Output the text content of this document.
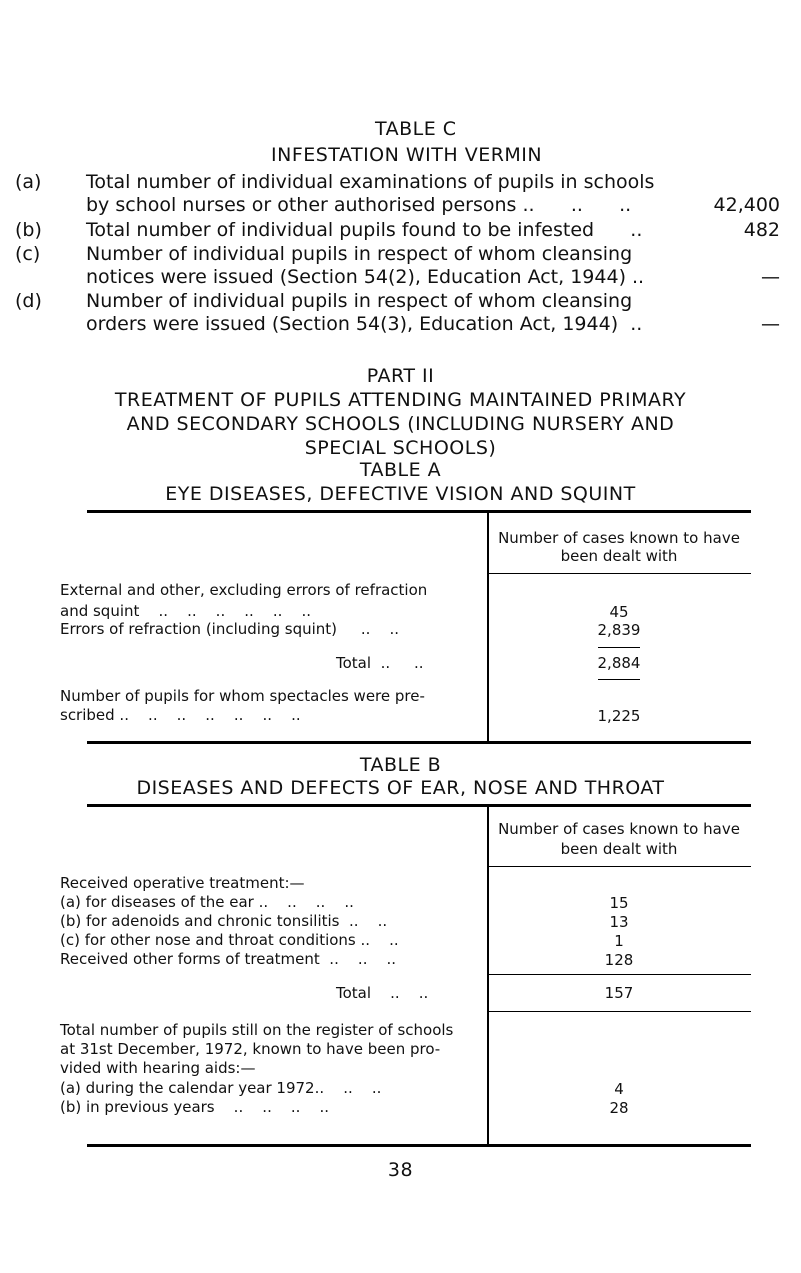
TABLE C
INFESTATION WITH VERMIN
(a) Total number of individual examinations of pupils in schools
by school nurses or other authorised persons ..      ..      ..	42,400
(b) Total number of individual pupils found to be infested      ..	482
(c) Number of individual pupils in respect of whom cleansing
notices were issued (Section 54(2), Education Act, 1944) ..	—
(d) Number of individual pupils in respect of whom cleansing
orders were issued (Section 54(3), Education Act, 1944)  ..	—
PART II
TREATMENT OF PUPILS ATTENDING MAINTAINED PRIMARY
AND SECONDARY SCHOOLS (INCLUDING NURSERY AND
SPECIAL SCHOOLS)
TABLE A
EYE DISEASES, DEFECTIVE VISION AND SQUINT
Number of cases known to have
been dealt with
External and other, excluding errors of refraction
and squint    ..    ..    ..    ..    ..    ..	45
Errors of refraction (including squint)     ..    ..	2,839
Total  ..     ..	2,884
Number of pupils for whom spectacles were pre-
scribed ..    ..    ..    ..    ..    ..    ..	1,225
TABLE B
DISEASES AND DEFECTS OF EAR, NOSE AND THROAT
Number of cases known to have
been dealt with
Received operative treatment:—
(a) for diseases of the ear ..    ..    ..    ..	15
(b) for adenoids and chronic tonsilitis  ..    ..	13
(c) for other nose and throat conditions ..    ..	1
Received other forms of treatment  ..    ..    ..	128
Total    ..    ..	157
Total number of pupils still on the register of schools
at 31st December, 1972, known to have been pro-
vided with hearing aids:—
(a) during the calendar year 1972..    ..    ..	4
(b) in previous years    ..    ..    ..    ..	28
38
